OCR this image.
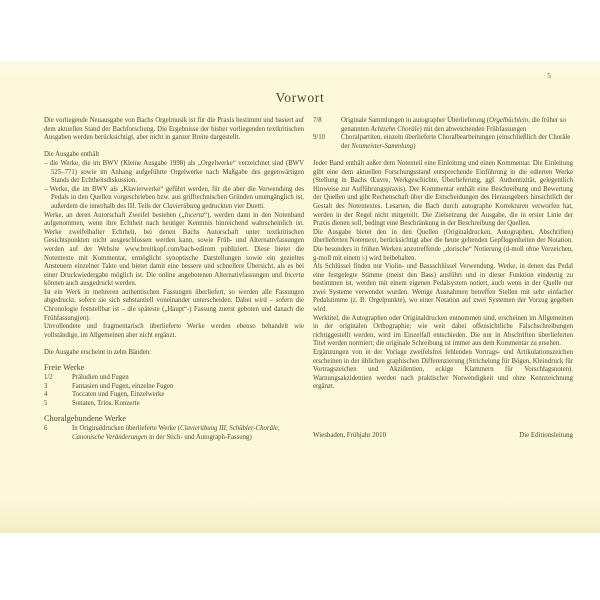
5
Vorwort

Die vorliegende Neuausgabe von Bachs Orgelmusik ist für die Praxis bestimmt und basiert auf dem aktuellen Stand der Bachforschung. Die Ergebnisse der bisher vorliegenden textkritischen Ausgaben werden berücksichtigt, aber nicht in ganzer Breite dargestellt.

Die Ausgabe enthält

– die Werke, die im BWV (Kleine Ausgabe 1998) als „Orgelwerke“ verzeichnet sind (BWV 525–771) sowie im Anhang aufgeführte Orgelwerke nach Maßgabe des gegenwärtigen Stands der Echtheitsdiskussion.

– Werke, die im BWV als „Klavierwerke“ geführt werden, für die aber die Verwendung des Pedals in den Quellen vorgeschrieben bzw. aus grifftechnischen Gründen unumgänglich ist, außerdem die innerhalb des III. Teils der Clavierübung gedruckten vier Duetti.

Werke, an deren Autorschaft Zweifel bestehen („Incerta“), werden dann in den Notenband aufgenommen, wenn ihre Echtheit nach heutiger Kenntnis hinreichend wahrscheinlich ist. Werke zweifelhafter Echtheit, bei denen Bachs Autorschaft unter textkritischen Gesichtspunkten nicht ausgeschlossen werden kann, sowie Früh- und Alternativfassungen werden auf der Website www.breitkopf.com/bach-edirom publiziert. Diese bietet die Notentexte mit Kommentar, ermöglicht synoptische Darstellungen sowie ein gezieltes Ansteuern einzelner Takte und bietet damit eine bessere und schnellere Übersicht, als es bei einer Druckwiedergabe möglich ist. Die online angebotenen Alternativfassungen und Incerta können auch ausgedruckt werden.

Ist ein Werk in mehreren authentischen Fassungen überliefert, so werden alle Fassungen abgedruckt, sofern sie sich substantiell voneinander unterscheiden. Dabei wird – sofern die Chronologie feststellbar ist – die späteste („Haupt“-) Fassung zuerst geboten und danach die Frühfassung(en).

Unvollendete und fragmentarisch überlieferte Werke werden ebenso behandelt wie vollständige, im Allgemeinen aber nicht ergänzt.

Die Ausgabe erscheint in zehn Bänden:

Freie Werke
1/2	Präludien und Fugen
3	Fantasien und Fugen, einzelne Fugen
4	Toccaten und Fugen, Einzelwerke
5	Sonaten, Trios, Konzerte
Choralgebundene Werke
6	In Originaldrucken überlieferte Werke (Clavierübung III, Schübler-Choräle, Canonische Veränderungen in der Stich- und Autograph-Fassung)
7/8	Originale Sammlungen in autographer Überlieferung (Orgelbüchlein, die früher so genannten Achtzehn Choräle) mit den abweichenden Frühfassungen
9/10	Choralpartiten, einzeln überlieferte Choralbearbeitungen (einschließlich der Choräle der Neumeister-Sammlung)

Jeder Band enthält außer dem Notenteil eine Einleitung und einen Kommentar. Die Einleitung gibt eine dem aktuellen Forschungsstand entsprechende Einführung in die edierten Werke (Stellung in Bachs Œuvre, Werkgeschichte, Überlieferung, ggf. Authentizität, gelegentlich Hinweise zur Aufführungspraxis). Der Kommentar enthält eine Beschreibung und Bewertung der Quellen und gibt Rechenschaft über die Entscheidungen des Herausgebers hinsichtlich der Gestalt des Notentextes. Lesarten, die Bach durch autographe Korrekturen verworfen hat, werden in der Regel nicht mitgeteilt. Die Zielsetzung der Ausgabe, die in erster Linie der Praxis dienen soll, bedingt eine Beschränkung in der Beschreibung der Quellen.

Die Ausgabe bietet den in den Quellen (Originaldrucken, Autographen, Abschriften) überlieferten Notentext, berücksichtigt aber die heute geltenden Gepflogenheiten der Notation. Die besonders in frühen Werken anzutreffende „dorische“ Notierung (d-moll ohne Vorzeichen, g-moll mit einem ♭) wird beibehalten.

Als Schlüssel finden nur Violin- und Bassschlüssel Verwendung. Werke, in denen das Pedal eine festgelegte Stimme (meist den Bass) ausführt und in dieser Funktion eindeutig zu bestimmen ist, werden mit einem eigenen Pedalsystem notiert, auch wenn in der Quelle nur zwei Systeme verwendet wurden. Wenige Ausnahmen betreffen Stellen mit sehr einfacher Pedalstimme (z. B. Orgelpunkte), wo einer Notation auf zwei Systemen der Vorzug gegeben wird.

Werktitel, die Autographen oder Originaldrucken entnommen sind, erscheinen im Allgemeinen in der originalen Orthographie; wie weit dabei offensichtliche Falschschreibungen richtiggestellt werden, wird im Einzelfall entschieden. Die nur in Abschriften überlieferten Titel werden normiert; die originale Schreibung ist immer aus dem Kommentar zu ersehen.

Ergänzungen von in der Vorlage zweifelsfrei fehlenden Vortrags- und Artikulationszeichen erscheinen in der üblichen graphischen Differenzierung (Strichelung für Bögen, Kleindruck für Vortragszeichen und Akzidentien, eckige Klammern für Vorschlagsnoten). Warnungsakzidentien werden nach praktischer Notwendigkeit und ohne Kennzeichnung ergänzt.

Wiesbaden, Frühjahr 2010	Die Editionsleitung
